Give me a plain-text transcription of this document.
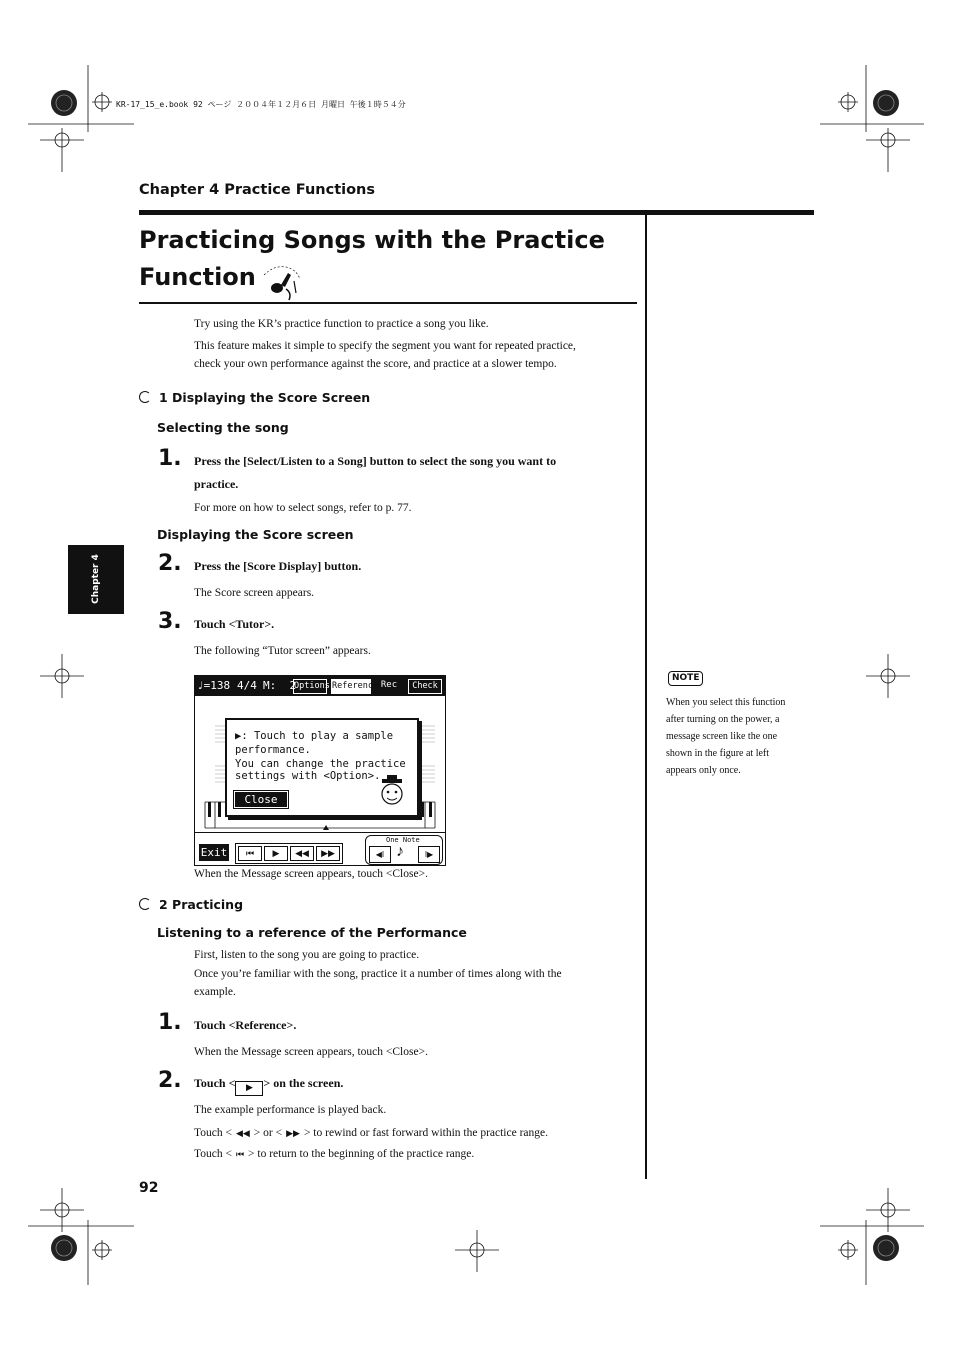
KR-17_15_e.book 92 ページ ２００４年１２月６日 月曜日 午後１時５４分
Chapter 4 Practice Functions
Chapter 4
Practicing Songs with the Practice
Function
Try using the KR’s practice function to practice a song you like.
This feature makes it simple to specify the segment you want for repeated practice,
check your own performance against the score, and practice at a slower tempo.
1 Displaying the Score Screen
Selecting the song
1. Press the [Select/Listen to a Song] button to select the song you want to
practice.
For more on how to select songs, refer to p. 77.
Displaying the Score screen
2. Press the [Score Display] button.
The Score screen appears.
3. Touch <Tutor>.
The following “Tutor screen” appears.
♩=138 4/4 M:  2
Options Reference Rec	Check
▶: Touch to play a sample
performance.
You can change the practice
settings with <Option>.
Close
Exit	⏮	▶	◀◀	▶▶
One Note
◀‖ ♪	‖▶
When the Message screen appears, touch <Close>.
2 Practicing
Listening to a reference of the Performance
First, listen to the song you are going to practice.
Once you’re familiar with the song, practice it a number of times along with the
example.
1. Touch <Reference>.
When the Message screen appears, touch <Close>.
2. Touch < ▶ > on the screen.
The example performance is played back.
Touch < ◀◀ > or < ▶▶ > to rewind or fast forward within the practice range.
Touch < ⏮ > to return to the beginning of the practice range.
NOTE
When you select this function
after turning on the power, a
message screen like the one
shown in the figure at left
appears only once.
92
